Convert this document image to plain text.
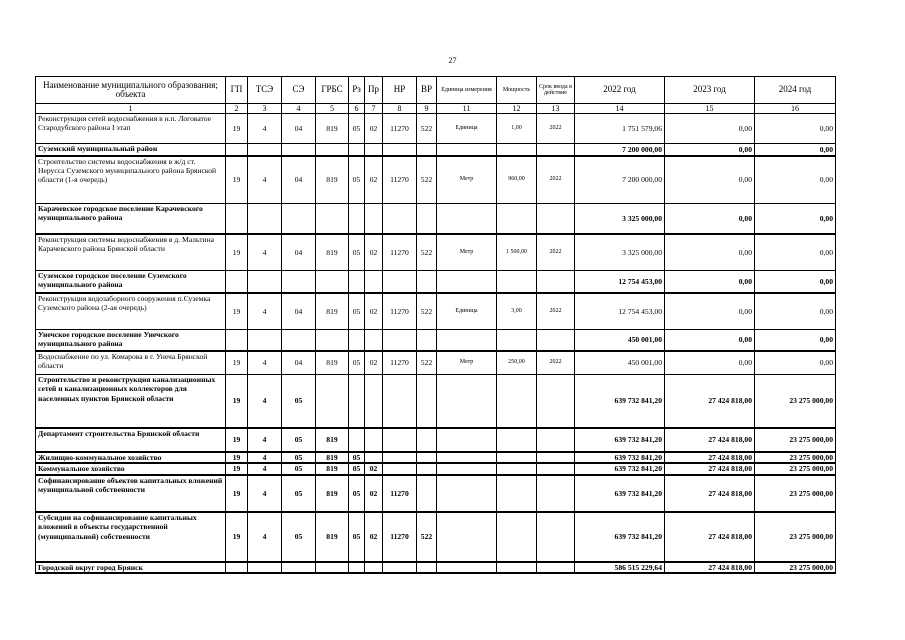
27
Наименование муниципального образования; объекта	ГП	ТСЭ	СЭ	ГРБС	Рз	Пр	НР	ВР	Единица измерения	Мощность	Срок ввода в действие	2022 год	2023 год	2024 год
1	2	3	4	5	6	7	8	9	11	12	13	14	15	16
Реконструкция сетей водоснабжения в н.п. Логоватое Стародубского района I этап	19	4	04	819	05	02	11270	522	Единица	1,00	2022	1 751 579,06	0,00	0,00
Суземский муниципальный район												7 200 000,00	0,00	0,00
Строительство системы водоснабжения в ж/д ст. Нерусса Суземского муниципального района Брянской области (1-я очередь)	19	4	04	819	05	02	11270	522	Метр	960,00	2022	7 200 000,00	0,00	0,00
Карачевское городское поселение Карачевского муниципального района												3 325 000,00	0,00	0,00
Реконструкция системы водоснабжения в д. Мальтина Карачевского района Брянской области	19	4	04	819	05	02	11270	522	Метр	1 500,00	2022	3 325 000,00	0,00	0,00
Суземское городское поселение Суземского муниципального района												12 754 453,00	0,00	0,00
Реконструкция водозаборного сооружения п.Суземка Суземского района (2-ая очередь)	19	4	04	819	05	02	11270	522	Единица	3,00	2022	12 754 453,00	0,00	0,00
Унечское городское поселение Унечского муниципального района												450 001,00	0,00	0,00
Водоснабжение по ул. Комарова в г. Унеча Брянской области	19	4	04	819	05	02	11270	522	Метр	250,00	2022	450 001,00	0,00	0,00
Строительство и реконструкция канализационных сетей и канализационных коллекторов для населенных пунктов Брянской области	19	4	05									639 732 841,20	27 424 818,00	23 275 000,00
Департамент строительства Брянской области	19	4	05	819								639 732 841,20	27 424 818,00	23 275 000,00
Жилищно-коммунальное хозяйство	19	4	05	819	05							639 732 841,20	27 424 818,00	23 275 000,00
Коммунальное хозяйство	19	4	05	819	05	02						639 732 841,20	27 424 818,00	23 275 000,00
Софинансирование объектов капитальных вложений муниципальной собственности	19	4	05	819	05	02	11270					639 732 841,20	27 424 818,00	23 275 000,00
Субсидии на софинансирование капитальных вложений в объекты государственной (муниципальной) собственности	19	4	05	819	05	02	11270	522				639 732 841,20	27 424 818,00	23 275 000,00
Городской округ город Брянск												586 515 229,64	27 424 818,00	23 275 000,00
